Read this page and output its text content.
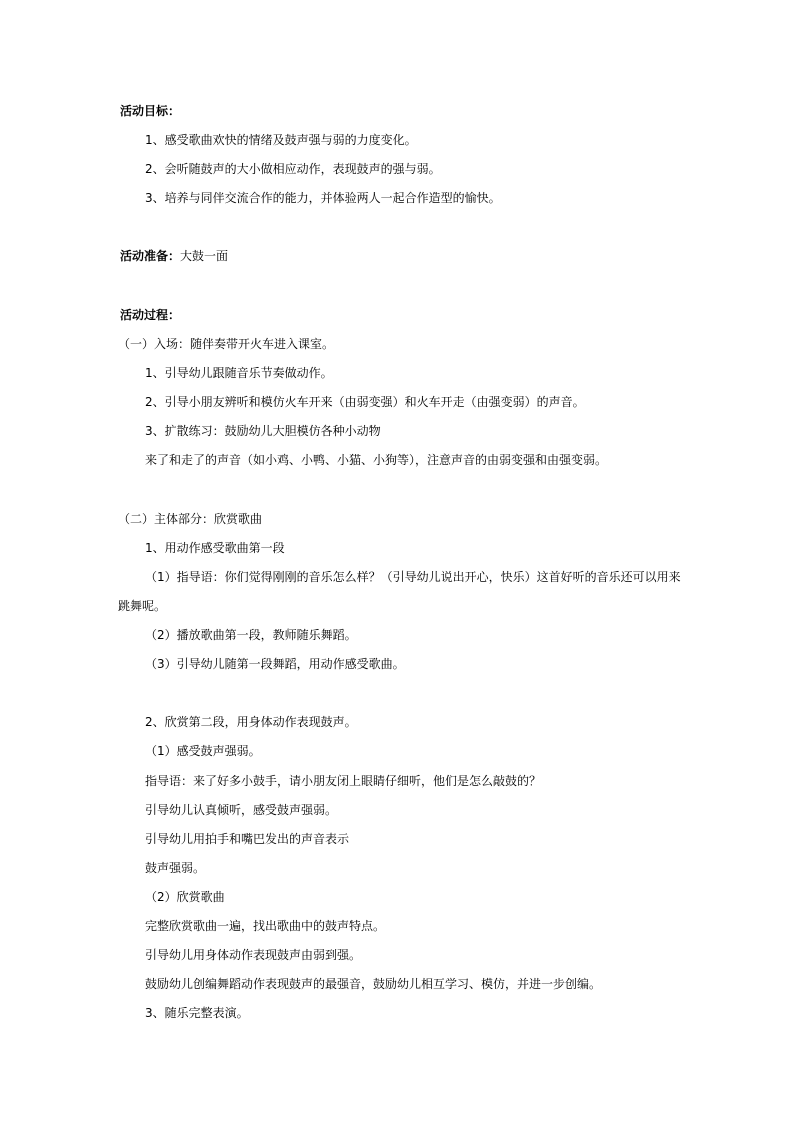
活动目标：
1、感受歌曲欢快的情绪及鼓声强与弱的力度变化。
2、会听随鼓声的大小做相应动作，表现鼓声的强与弱。
3、培养与同伴交流合作的能力，并体验两人一起合作造型的愉快。
活动准备：大鼓一面
活动过程：
（一）入场：随伴奏带开火车进入课室。
1、引导幼儿跟随音乐节奏做动作。
2、引导小朋友辨听和模仿火车开来（由弱变强）和火车开走（由强变弱）的声音。
3、扩散练习：鼓励幼儿大胆模仿各种小动物
来了和走了的声音（如小鸡、小鸭、小猫、小狗等），注意声音的由弱变强和由强变弱。
（二）主体部分：欣赏歌曲
1、用动作感受歌曲第一段
（1）指导语：你们觉得刚刚的音乐怎么样？（引导幼儿说出开心，快乐）这首好听的音乐还可以用来
跳舞呢。
（2）播放歌曲第一段，教师随乐舞蹈。
（3）引导幼儿随第一段舞蹈，用动作感受歌曲。
2、欣赏第二段，用身体动作表现鼓声。
（1）感受鼓声强弱。
指导语：来了好多小鼓手，请小朋友闭上眼睛仔细听，他们是怎么敲鼓的？
引导幼儿认真倾听，感受鼓声强弱。
引导幼儿用拍手和嘴巴发出的声音表示
鼓声强弱。
（2）欣赏歌曲
完整欣赏歌曲一遍，找出歌曲中的鼓声特点。
引导幼儿用身体动作表现鼓声由弱到强。
鼓励幼儿创编舞蹈动作表现鼓声的最强音，鼓励幼儿相互学习、模仿，并进一步创编。
3、随乐完整表演。
